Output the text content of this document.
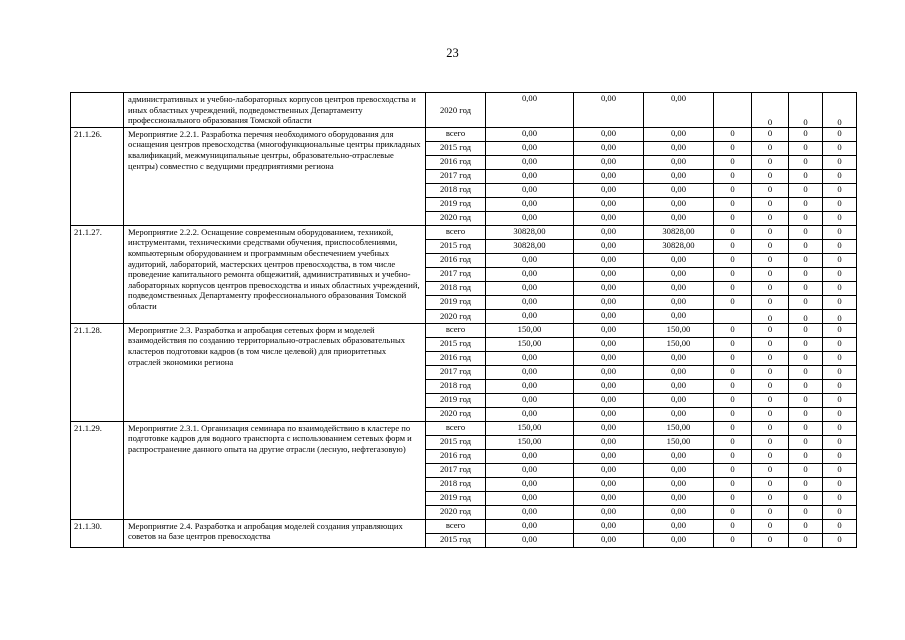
23
	административных и учебно-лабораторных корпусов центров превосходства и иных областных учреждений, подведомственных Департаменту профессионального образования Томской области	2020 год	0,00	0,00	0,00		0	0	0
21.1.26.	Мероприятие 2.2.1. Разработка перечня необходимого оборудования для оснащения центров превосходства (многофункциональные центры прикладных квалификаций, межмуниципальные центры, образовательно-отраслевые центры) совместно с ведущими предприятиями региона	всего	0,00	0,00	0,00	0	0	0	0
		2015 год	0,00	0,00	0,00	0	0	0	0
		2016 год	0,00	0,00	0,00	0	0	0	0
		2017 год	0,00	0,00	0,00	0	0	0	0
		2018 год	0,00	0,00	0,00	0	0	0	0
		2019 год	0,00	0,00	0,00	0	0	0	0
		2020 год	0,00	0,00	0,00	0	0	0	0
21.1.27.	Мероприятие 2.2.2. Оснащение современным оборудованием, техникой, инструментами, техническими средствами обучения, приспособлениями, компьютерным оборудованием и программным обеспечением учебных аудиторий, лабораторий, мастерских центров превосходства, в том числе проведение капитального ремонта общежитий, административных и учебно-лабораторных корпусов центров превосходства и иных областных учреждений, подведомственных Департаменту профессионального образования Томской области	всего	30828,00	0,00	30828,00	0	0	0	0
		2015 год	30828,00	0,00	30828,00	0	0	0	0
		2016 год	0,00	0,00	0,00	0	0	0	0
		2017 год	0,00	0,00	0,00	0	0	0	0
		2018 год	0,00	0,00	0,00	0	0	0	0
		2019 год	0,00	0,00	0,00	0	0	0	0
		2020 год	0,00	0,00	0,00		0	0	0
21.1.28.	Мероприятие 2.3. Разработка и апробация сетевых форм и моделей взаимодействия по созданию территориально-отраслевых образовательных кластеров подготовки кадров (в том числе целевой) для приоритетных отраслей экономики региона	всего	150,00	0,00	150,00	0	0	0	0
		2015 год	150,00	0,00	150,00	0	0	0	0
		2016 год	0,00	0,00	0,00	0	0	0	0
		2017 год	0,00	0,00	0,00	0	0	0	0
		2018 год	0,00	0,00	0,00	0	0	0	0
		2019 год	0,00	0,00	0,00	0	0	0	0
		2020 год	0,00	0,00	0,00	0	0	0	0
21.1.29.	Мероприятие 2.3.1. Организация семинара по взаимодействию в кластере по подготовке кадров для водного транспорта с использованием сетевых форм и распространение данного опыта на другие отрасли (лесную, нефтегазовую)	всего	150,00	0,00	150,00	0	0	0	0
		2015 год	150,00	0,00	150,00	0	0	0	0
		2016 год	0,00	0,00	0,00	0	0	0	0
		2017 год	0,00	0,00	0,00	0	0	0	0
		2018 год	0,00	0,00	0,00	0	0	0	0
		2019 год	0,00	0,00	0,00	0	0	0	0
		2020 год	0,00	0,00	0,00	0	0	0	0
21.1.30.	Мероприятие 2.4. Разработка и апробация моделей создания управляющих советов на базе центров превосходства	всего	0,00	0,00	0,00	0	0	0	0
		2015 год	0,00	0,00	0,00	0	0	0	0
